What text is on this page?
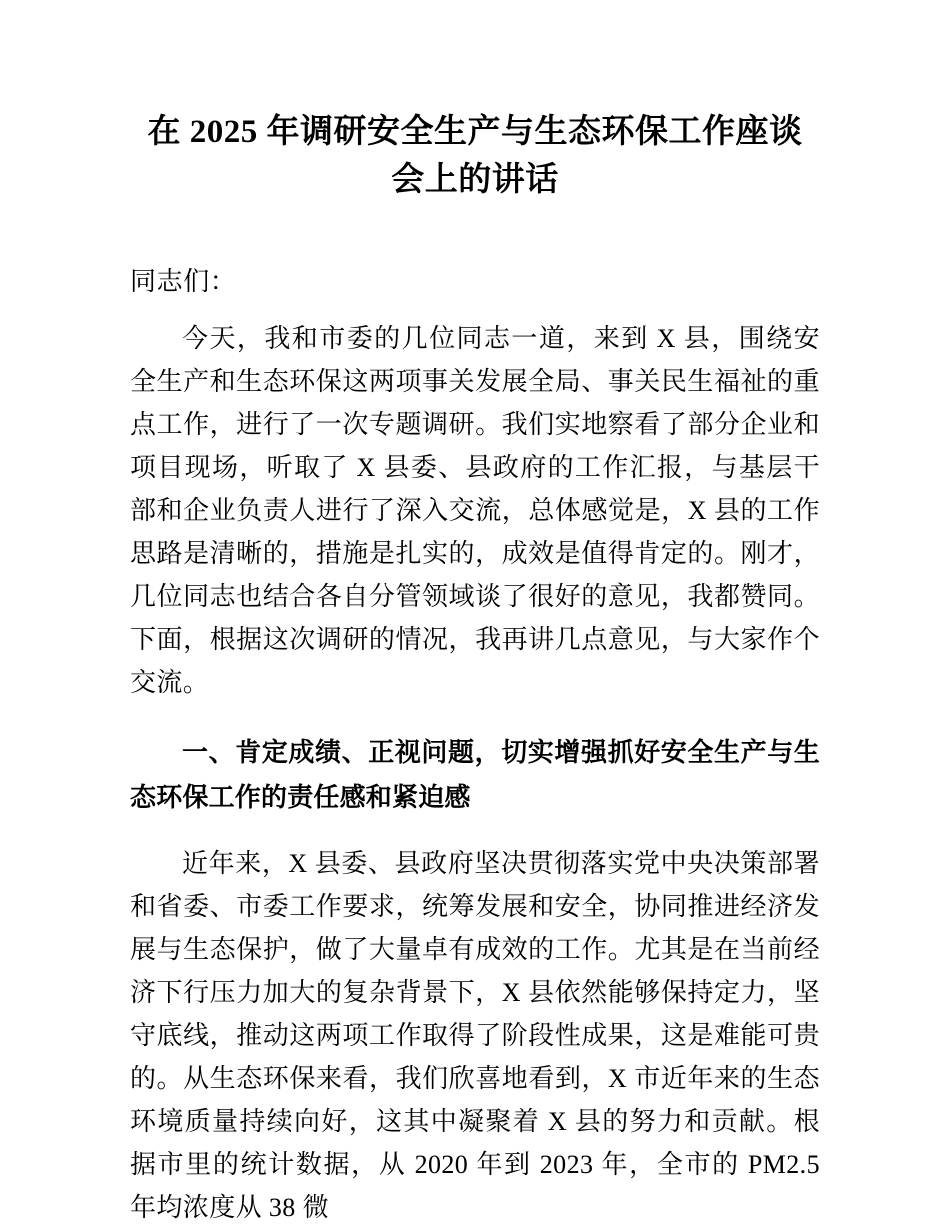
在 2025 年调研安全生产与生态环保工作座谈
会上的讲话

同志们：

今天，我和市委的几位同志一道，来到 X 县，围绕安全生产和生态环保这两项事关发展全局、事关民生福祉的重点工作，进行了一次专题调研。我们实地察看了部分企业和项目现场，听取了 X 县委、县政府的工作汇报，与基层干部和企业负责人进行了深入交流，总体感觉是，X 县的工作思路是清晰的，措施是扎实的，成效是值得肯定的。刚才，几位同志也结合各自分管领域谈了很好的意见，我都赞同。下面，根据这次调研的情况，我再讲几点意见，与大家作个交流。

一、肯定成绩、正视问题，切实增强抓好安全生产与生态环保工作的责任感和紧迫感

近年来，X 县委、县政府坚决贯彻落实党中央决策部署和省委、市委工作要求，统筹发展和安全，协同推进经济发展与生态保护，做了大量卓有成效的工作。尤其是在当前经济下行压力加大的复杂背景下，X 县依然能够保持定力，坚守底线，推动这两项工作取得了阶段性成果，这是难能可贵的。从生态环保来看，我们欣喜地看到，X 市近年来的生态环境质量持续向好，这其中凝聚着 X 县的努力和贡献。根据市里的统计数据，从 2020 年到 2023 年，全市的 PM2.5 年均浓度从 38 微
